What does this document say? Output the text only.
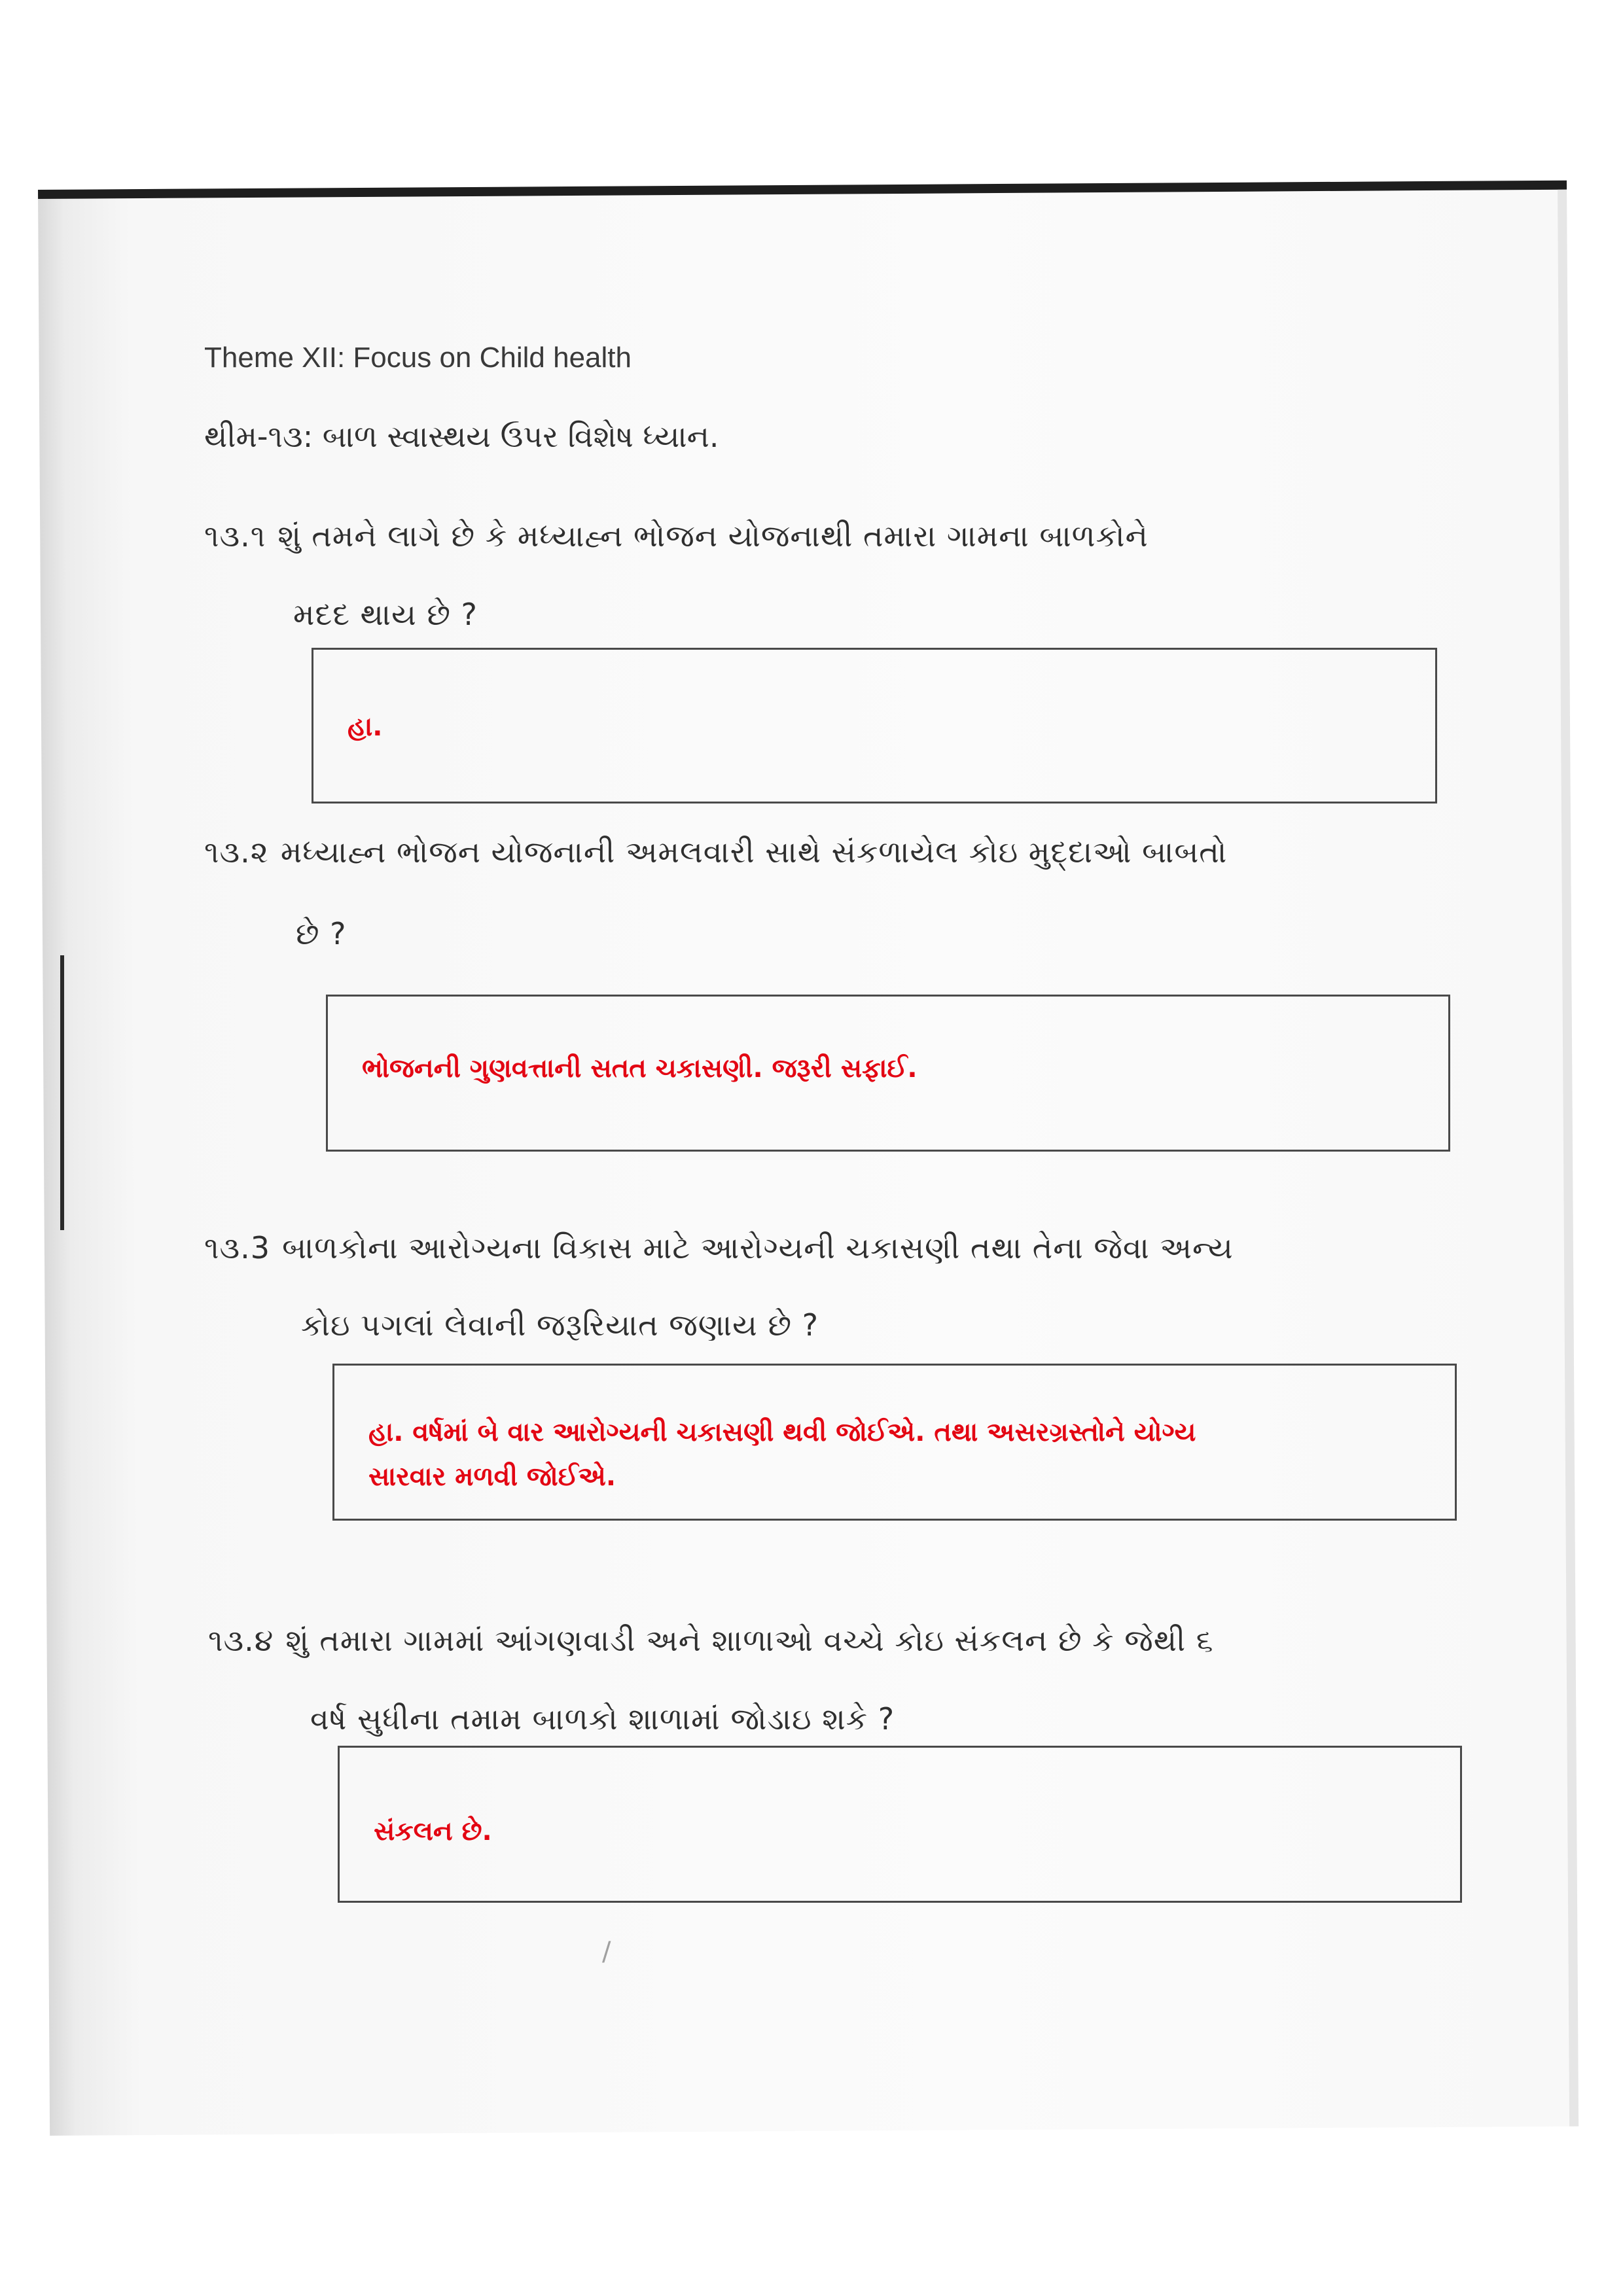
Theme XII: Focus on Child health
થીમ-૧૩: બાળ સ્વાસ્થય ઉપર વિશેષ ધ્યાન.
૧૩.૧ શું તમને લાગે છે કે મધ્યાહ્ન ભોજન યોજનાથી તમારા ગામના બાળકોને
મદદ થાય છે ?
હા.
૧૩.૨ મધ્યાહ્ન ભોજન યોજનાની અમલવારી સાથે સંકળાયેલ કોઇ મુદ્દાઓ બાબતો
છે ?
ભોજનની ગુણવત્તાની સતત ચકાસણી. જરૂરી સફાઈ.
૧૩.3 બાળકોના આરોગ્યના વિકાસ માટે આરોગ્યની ચકાસણી તથા તેના જેવા અન્ય
કોઇ પગલાં લેવાની જરૂરિયાત જણાય છે ?
હા. વર્ષમાં બે વાર આરોગ્યની ચકાસણી થવી જોઈએ. તથા અસરગ્રસ્તોને યોગ્ય
સારવાર મળવી જોઈએ.
૧૩.૪ શું તમારા ગામમાં આંગણવાડી અને શાળાઓ વચ્ચે કોઇ સંકલન છે કે જેથી ૬
વર્ષ સુધીના તમામ બાળકો શાળામાં જોડાઇ શકે ?
સંકલન છે.
/
